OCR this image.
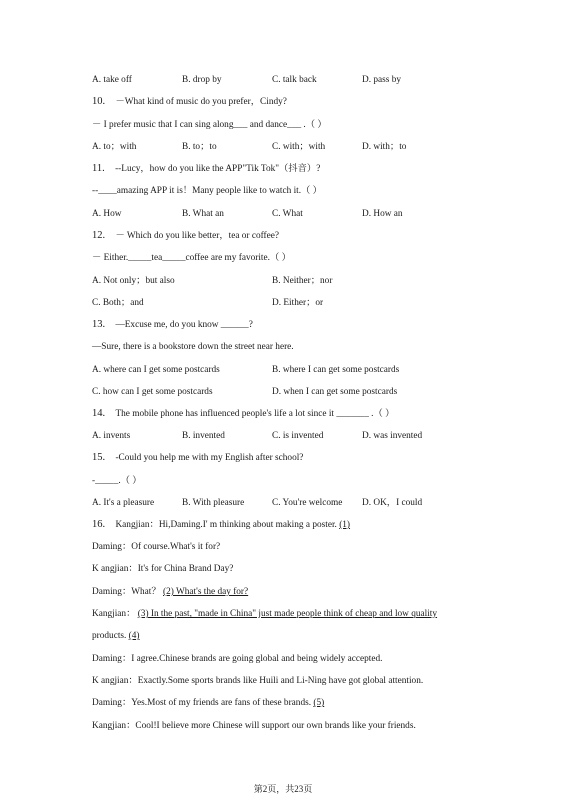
A. take off	B. drop by	C. talk back	D. pass by
10. －What kind of music do you prefer，Cindy?
－ I prefer music that I can sing along___ and dance___ .（ ）
A. to；with	B. to；to	C. with；with	D. with；to
11. --Lucy，how do you like the APP"Tik Tok"（抖音）?
--____amazing APP it is！Many people like to watch it.（ ）
A. How	B. What an	C. What	D. How an
12. － Which do you like better，tea or coffee?
－ Either._____tea_____coffee are my favorite.（ ）
A. Not only；but also	B. Neither；nor
C. Both；and	D. Either；or
13. —Excuse me, do you know ______?
—Sure, there is a bookstore down the street near here.
A. where can I get some postcards	B. where I can get some postcards
C. how can I get some postcards	D. when I can get some postcards
14. The mobile phone has influenced people's life a lot since it _______ .（ ）
A. invents	B. invented	C. is invented	D. was invented
15. -Could you help me with my English after school?
-_____.（ ）
A. It's a pleasure	B. With pleasure	C. You're welcome D. OK，I could
16. Kangjian：Hi,Daming.I' m thinking about making a poster. (1)
Daming：Of course.What's it for?
K angjian：It's for China Brand Day?
Daming：What？ (2) What's the day for?
Kangjian： (3) In the past, "made in China" just made people think of cheap and low quality
products. (4)
Daming：I agree.Chinese brands are going global and being widely accepted.
K angjian：Exactly.Some sports brands like Huili and Li-Ning have got global attention.
Daming：Yes.Most of my friends are fans of these brands. (5)
Kangjian：Cool!I believe more Chinese will support our own brands like your friends.
第2页，共23页
